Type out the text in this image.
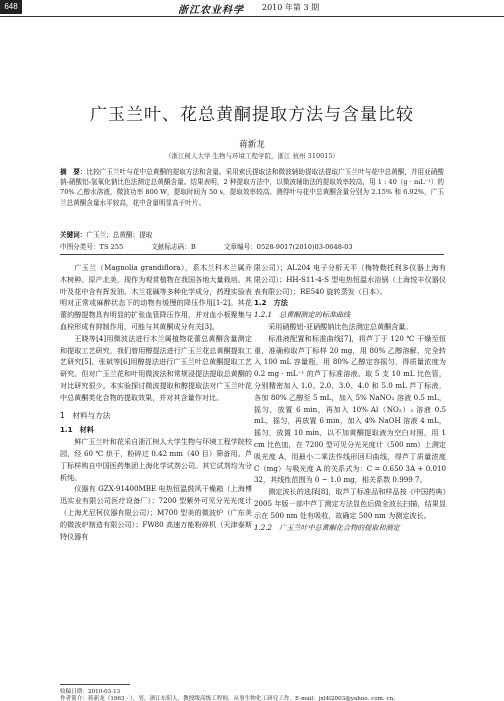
648	浙江农业科学 2010 年第 3 期
广玉兰叶、花总黄酮提取方法与含量比较
蒋新龙
（浙江树人大学 生物与环境工程学院，浙江 杭州 310015）
摘　要：比较广玉兰叶与花中总黄酮的提取方法和含量。采用索氏提取法和微波辅助提取法提取广玉兰叶与花中总黄酮，并用亚硝酸钠-硝酸铝-氢氧化钠比色法测定总黄酮含量。结果表明，2 种提取方法中，以微波辅助法的提取效率较高，用 1 : 40（g · mL⁻¹）的 70% 乙醇水溶液，微波功率 800 W，提取时间为 50 s，提取效率较高。测得叶与花中总黄酮含量分别为 2.15% 和 6.92%，广玉兰总黄酮含量水平较高，花中含量明显高于叶片。
关键词：广玉兰；总黄酮；提取
中图分类号：TS 255	文献标志码：B	文章编号：0528-9017(2010)03-0648-03

广玉兰（Magnolia grandiflora），系木兰科木兰属乔木树种。原产北美，现作为观赏植物在我国各地大量栽培。其叶及花中含有挥发油、木兰花碱等多种化学成分，药理实验表明对正常或麻醉状态下的动物有缓慢的降压作用[1-2]。其花蕾的醇提物具有明显的扩张血管降压作用，并对血小板聚集与血栓形成有抑制作用，可能与其黄酮成分有关[3]。

王晓等[4]用微波法进行木兰属植物花蕾总黄酮含量测定和提取工艺研究，我们曾用醇提法进行广玉兰花总黄酮提取工艺研究[5]，张斌等[6]用醇提法进行广玉兰叶总黄酮提取工艺研究。但对广玉兰花和叶用微波法和常规浸提法提取总黄酮的对比研究很少。本实验探讨微波提取和醇提取法对广玉兰叶花中总黄酮类化合物的提取效果，并对其含量作对比。

1　材料与方法

1.1　材料

鲜广玉兰叶和花采自浙江树人大学生物与环境工程学院校园，经 60 ℃ 烘干，粉碎过 0.42 mm（40 目）筛备用。芦丁标样购自中国医药集团上海化学试剂公司。其它试剂均为分析纯。

仪器有 GZX-91400MBE 电热恒温鼓风干燥箱（上海博迅实业有限公司医疗设备厂）；7200 型紫外可见分光光度计（上海尤尼柯仪器有限公司）；M700 型美的微波炉（广东美的微波炉制造有限公司）；FW80 高速万能粉碎机（天津泰斯特仪器有

限公司）；AL204 电子分析天平（梅特勒托利多仪器上海有限公司）；HH-S11-4-S 型电热恒温水浴锅（上海悦丰仪器仪表有限公司）；RE540 旋转蒸发（日本）。

1.2　方法

1.2.1　总黄酮测定的标准曲线

采用硝酸铝-亚硝酸钠比色法测定总黄酮含量。

标准液配置和标准曲线[7]，将芦丁于 120 ℃ 干燥至恒重，准确称取芦丁标样 20 mg，用 80% 乙醇溶解，完全转入 100 mL 容量瓶，用 80% 乙醇定容摇匀，得质量浓度为 0.2 mg · mL⁻¹ 的芦丁标准溶液。取 5 支 10 mL 比色管，分别精密加入 1.0、2.0、3.0、4.0 和 5.0 mL 芦丁标液，各加 80% 乙醇至 5 mL，加入 5% NaNO₂ 溶液 0.5 mL，摇匀，放置 6 min，再加入 10% Al（NO₃）₃ 溶液 0.5 mL，摇匀，再放置 6 min，加入 4% NaOH 溶液 4 mL，摇匀，放置 10 min，以不加黄酮提取液为空白对照，用 1 cm 比色皿，在 7200 型可见分光光度计（500 nm）上测定吸光度 A，用最小二乘法作线形回归曲线，得芦丁质量浓度 C（mg）与吸光度 A 的关系式为：C = 0.650 3A + 0.010 32，其线性范围为 0 ~ 1.0 mg，相关系数 0.999 7。

测定波长的选择[8]，取芦丁标准品和样品按《中国药典》2005 年版一部中芦丁测定方法显色后做全波长扫描，结果显示在 500 nm 处有吸收，故确定 500 nm 为测定波长。

1.2.2　广玉兰叶中总黄酮化合物的提取和测定

收稿日期：2010-03-13
作者简介：蒋新龙（1963 - ），男，浙江东阳人，教授级高级工程师，从事生物化工研究工作。E-mail：jxl4l2003@yahoo. com. cn。
